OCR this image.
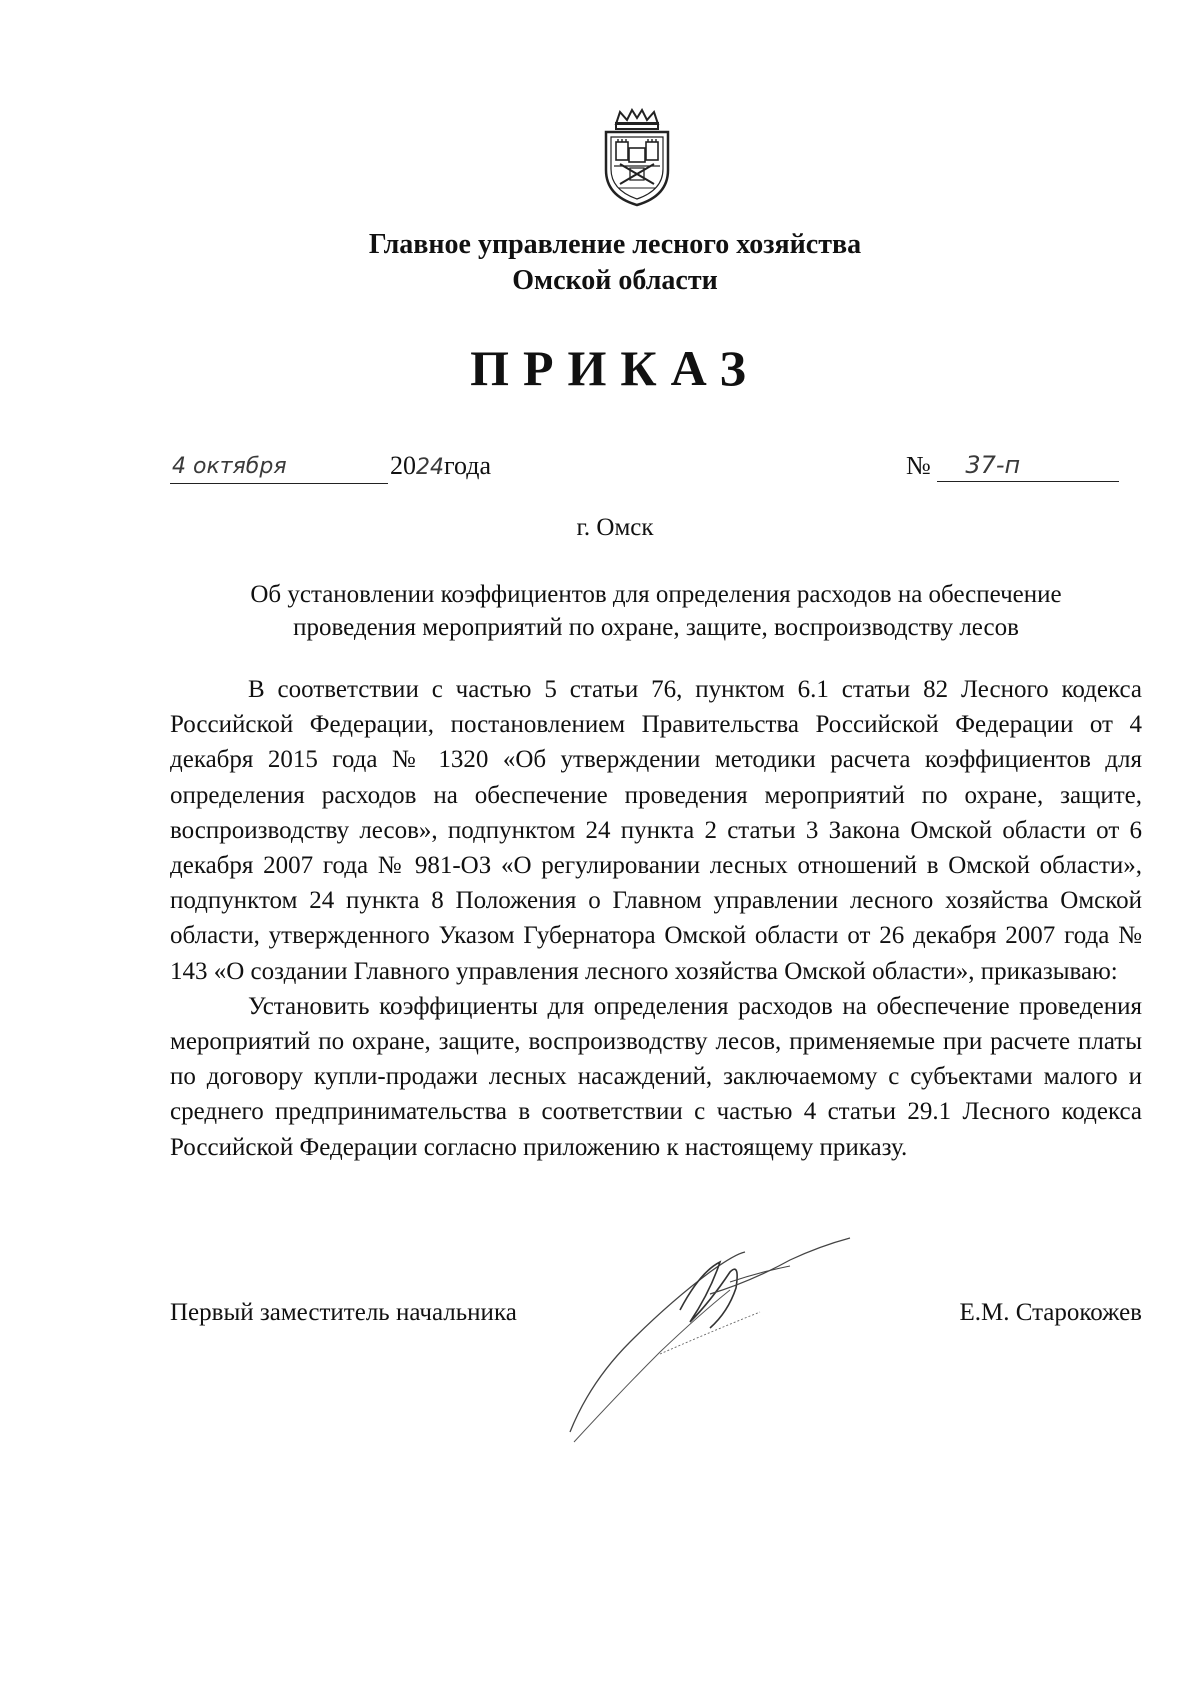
Главное управление лесного хозяйства
Омской области
ПРИКАЗ
4 октября	2024года	№ 37-п
г. Омск
Об установлении коэффициентов для определения расходов на обеспечение
проведения мероприятий по охране, защите, воспроизводству лесов

В соответствии с частью 5 статьи 76, пунктом 6.1 статьи 82 Лесного кодекса Российской Федерации, постановлением Правительства Российской Федерации от 4 декабря 2015 года № 1320 «Об утверждении методики расчета коэффициентов для определения расходов на обеспечение проведения мероприятий по охране, защите, воспроизводству лесов», подпунктом 24 пункта 2 статьи 3 Закона Омской области от 6 декабря 2007 года № 981-ОЗ «О регулировании лесных отношений в Омской области», подпунктом 24 пункта 8 Положения о Главном управлении лесного хозяйства Омской области, утвержденного Указом Губернатора Омской области от 26 декабря 2007 года № 143 «О создании Главного управления лесного хозяйства Омской области», приказываю:

Установить коэффициенты для определения расходов на обеспечение проведения мероприятий по охране, защите, воспроизводству лесов, применяемые при расчете платы по договору купли-продажи лесных насаждений, заключаемому с субъектами малого и среднего предпринимательства в соответствии с частью 4 статьи 29.1 Лесного кодекса Российской Федерации согласно приложению к настоящему приказу.

Первый заместитель начальника	Е.М. Старокожев
